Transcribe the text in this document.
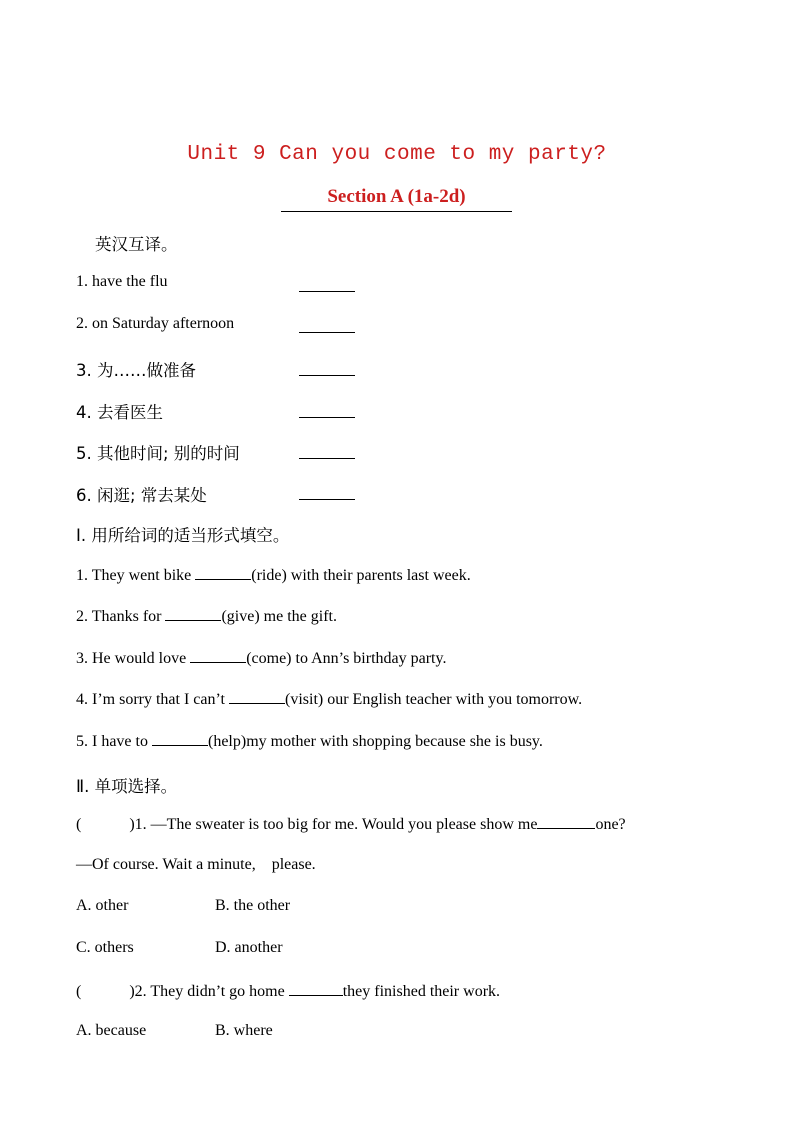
Unit 9 Can you come to my party?
Section A (1a-2d)
英汉互译。
1. have the flu
2. on Saturday afternoon
3. 为……做准备
4. 去看医生
5. 其他时间; 别的时间
6. 闲逛; 常去某处
Ⅰ. 用所给词的适当形式填空。
1. They went bike	(ride) with their parents last week.
2. Thanks for	(give) me the gift.
3. He would love	(come) to Ann’s birthday party.
4. I’m sorry that I can’t	(visit) our English teacher with you tomorrow.
5. I have to	(help)my mother with shopping because she is busy.
Ⅱ. 单项选择。
(	)1. —The sweater is too big for me. Would you please show me	one?
—Of course. Wait a minute,    please.
A. other	B. the other
C. others	D. another
(	)2. They didn’t go home	they finished their work.
A. because	B. where
